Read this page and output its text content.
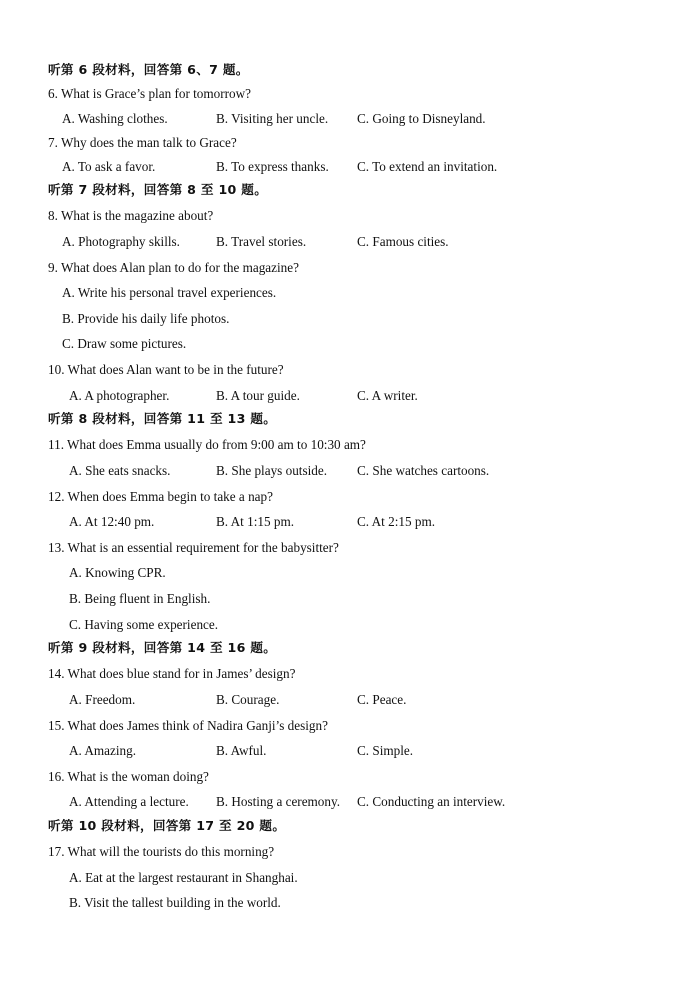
听第 6 段材料，回答第 6、7 题。
6. What is Grace’s plan for tomorrow?
A. Washing clothes.	B. Visiting her uncle. C. Going to Disneyland.
7. Why does the man talk to Grace?
A. To ask a favor.	B. To express thanks. C. To extend an invitation.
听第 7 段材料，回答第 8 至 10 题。
8. What is the magazine about?
A. Photography skills.	B. Travel stories.	C. Famous cities.
9. What does Alan plan to do for the magazine?
A. Write his personal travel experiences.
B. Provide his daily life photos.
C. Draw some pictures.
10. What does Alan want to be in the future?
A. A photographer.	B. A tour guide.	C. A writer.
听第 8 段材料，回答第 11 至 13 题。
11. What does Emma usually do from 9:00 am to 10:30 am?
A. She eats snacks.	B. She plays outside. C. She watches cartoons.
12. When does Emma begin to take a nap?
A. At 12:40 pm.	B. At 1:15 pm.	C. At 2:15 pm.
13. What is an essential requirement for the babysitter?
A. Knowing CPR.
B. Being fluent in English.
C. Having some experience.
听第 9 段材料，回答第 14 至 16 题。
14. What does blue stand for in James’ design?
A. Freedom.	B. Courage.	C. Peace.
15. What does James think of Nadira Ganji’s design?
A. Amazing.	B. Awful.	C. Simple.
16. What is the woman doing?
A. Attending a lecture. B. Hosting a ceremony. C. Conducting an interview.
听第 10 段材料，回答第 17 至 20 题。
17. What will the tourists do this morning?
A. Eat at the largest restaurant in Shanghai.
B. Visit the tallest building in the world.
